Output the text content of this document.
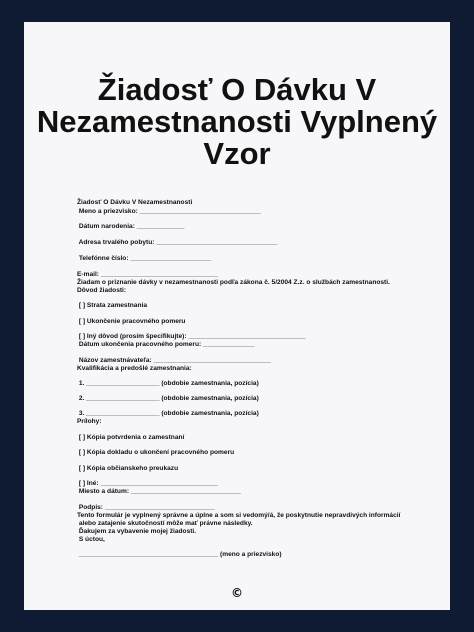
Žiadosť O Dávku V
Nezamestnanosti Vyplnený
Vzor
Žiadosť O Dávku V Nezamestnanosti
Meno a priezvisko: _________________________________
Dátum narodenia: _____________
Adresa trvalého pobytu: _________________________________
Telefónne číslo: ______________________
E-mail: ________________________________
Žiadam o priznanie dávky v nezamestnanosti podľa zákona č. 5/2004 Z.z. o službách zamestnanosti.
Dôvod žiadosti:
[ ] Strata zamestnania
[ ] Ukončenie pracovného pomeru
[ ] Iný dôvod (prosím špecifikujte): ________________________________
Dátum ukončenia pracovného pomeru: ______________
Názov zamestnávateľa: ________________________________
Kvalifikácia a predošlé zamestnania:
1. ____________________ (obdobie zamestnania, pozícia)
2. ____________________ (obdobie zamestnania, pozícia)
3. ____________________ (obdobie zamestnania, pozícia)
Prílohy:
[ ] Kópia potvrdenia o zamestnaní
[ ] Kópia dokladu o ukončení pracovného pomeru
[ ] Kópia občianskeho preukazu
[ ] Iné: ________________________________
Miesto a dátum: ______________________________
Podpis: ______________________________
Tento formulár je vyplnený správne a úplne a som si vedomý/á, že poskytnutie nepravdivých informácií
alebo zatajenie skutočností môže mať právne následky.
Ďakujem za vybavenie mojej žiadosti.
S úctou,
______________________________________ (meno a priezvisko)
©
